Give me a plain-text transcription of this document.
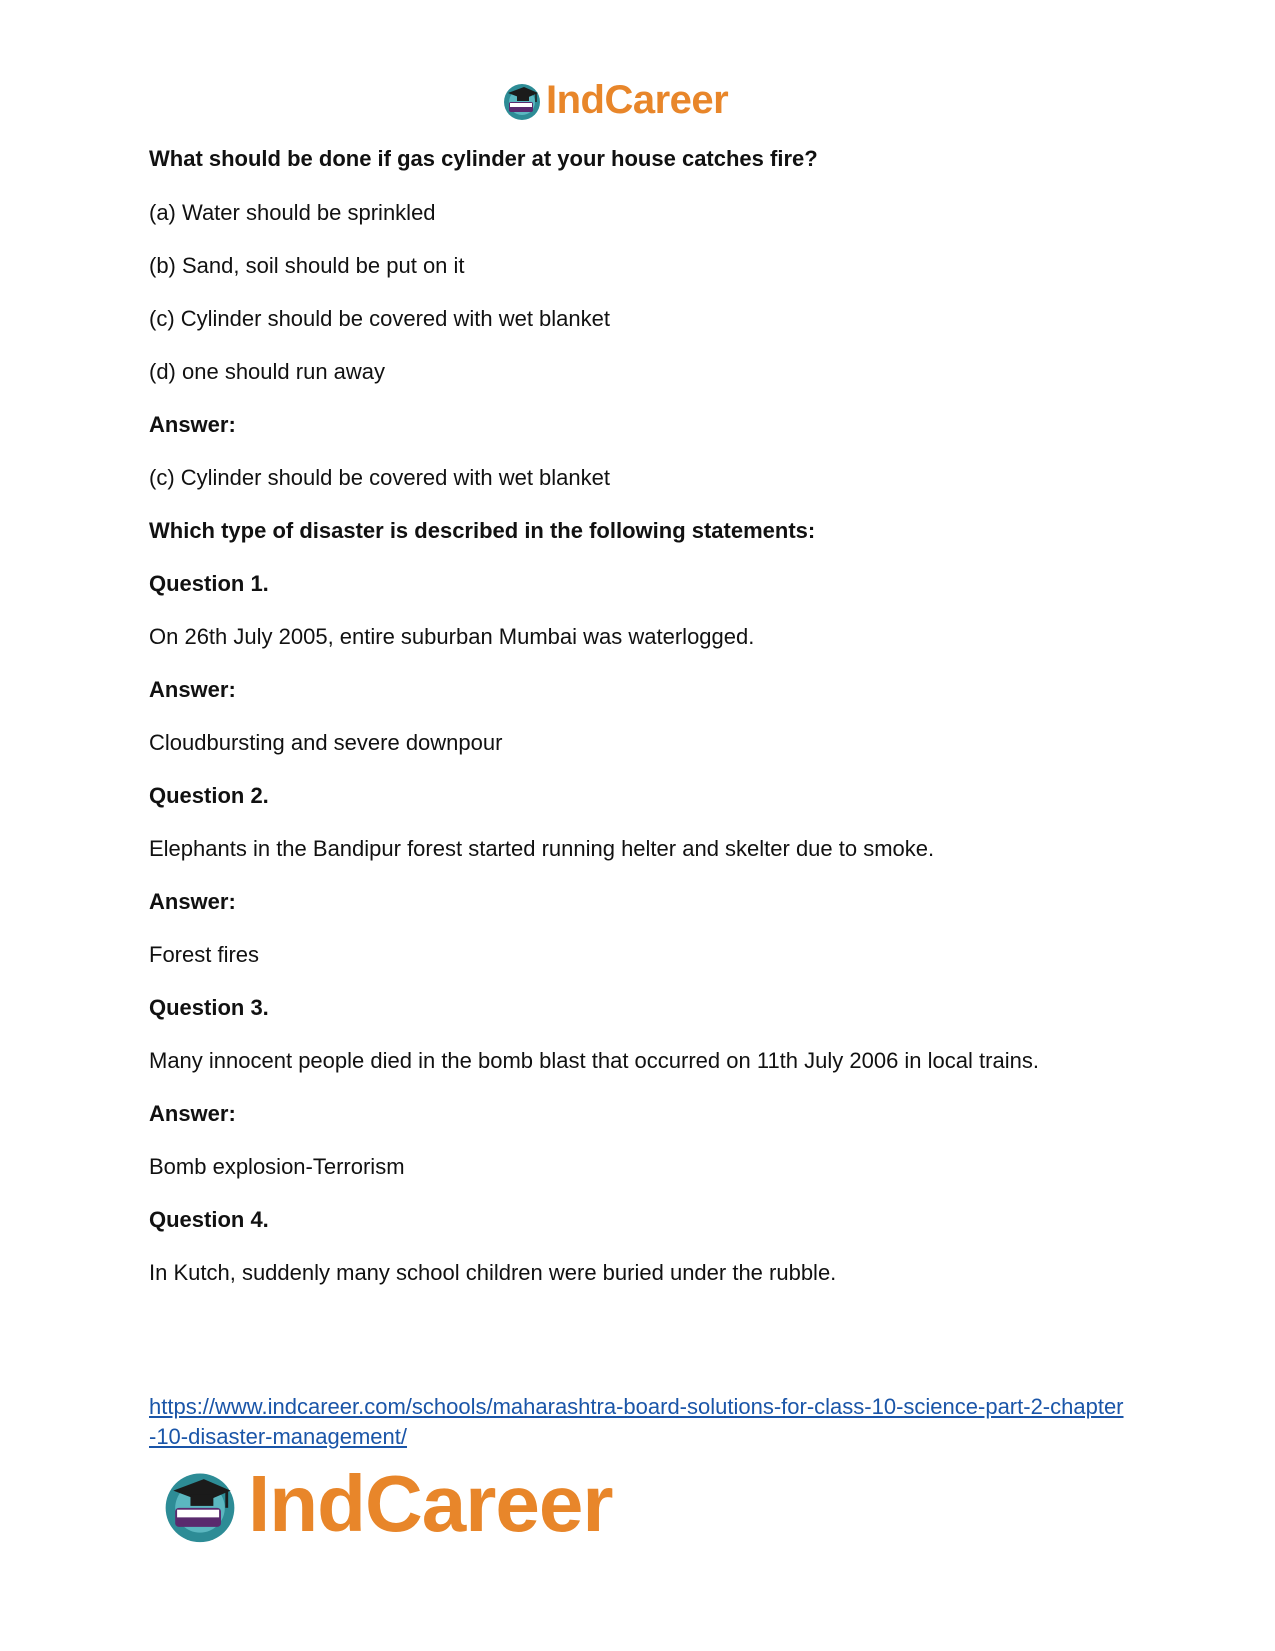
IndCareer
What should be done if gas cylinder at your house catches fire?
(a) Water should be sprinkled
(b) Sand, soil should be put on it
(c) Cylinder should be covered with wet blanket
(d) one should run away
Answer:
(c) Cylinder should be covered with wet blanket
Which type of disaster is described in the following statements:
Question 1.
On 26th July 2005, entire suburban Mumbai was waterlogged.
Answer:
Cloudbursting and severe downpour
Question 2.
Elephants in the Bandipur forest started running helter and skelter due to smoke.
Answer:
Forest fires
Question 3.
Many innocent people died in the bomb blast that occurred on 11th July 2006 in local trains.
Answer:
Bomb explosion-Terrorism
Question 4.
In Kutch, suddenly many school children were buried under the rubble.
https://www.indcareer.com/schools/maharashtra-board-solutions-for-class-10-science-part-2-chapter-10-disaster-management/
IndCareer
